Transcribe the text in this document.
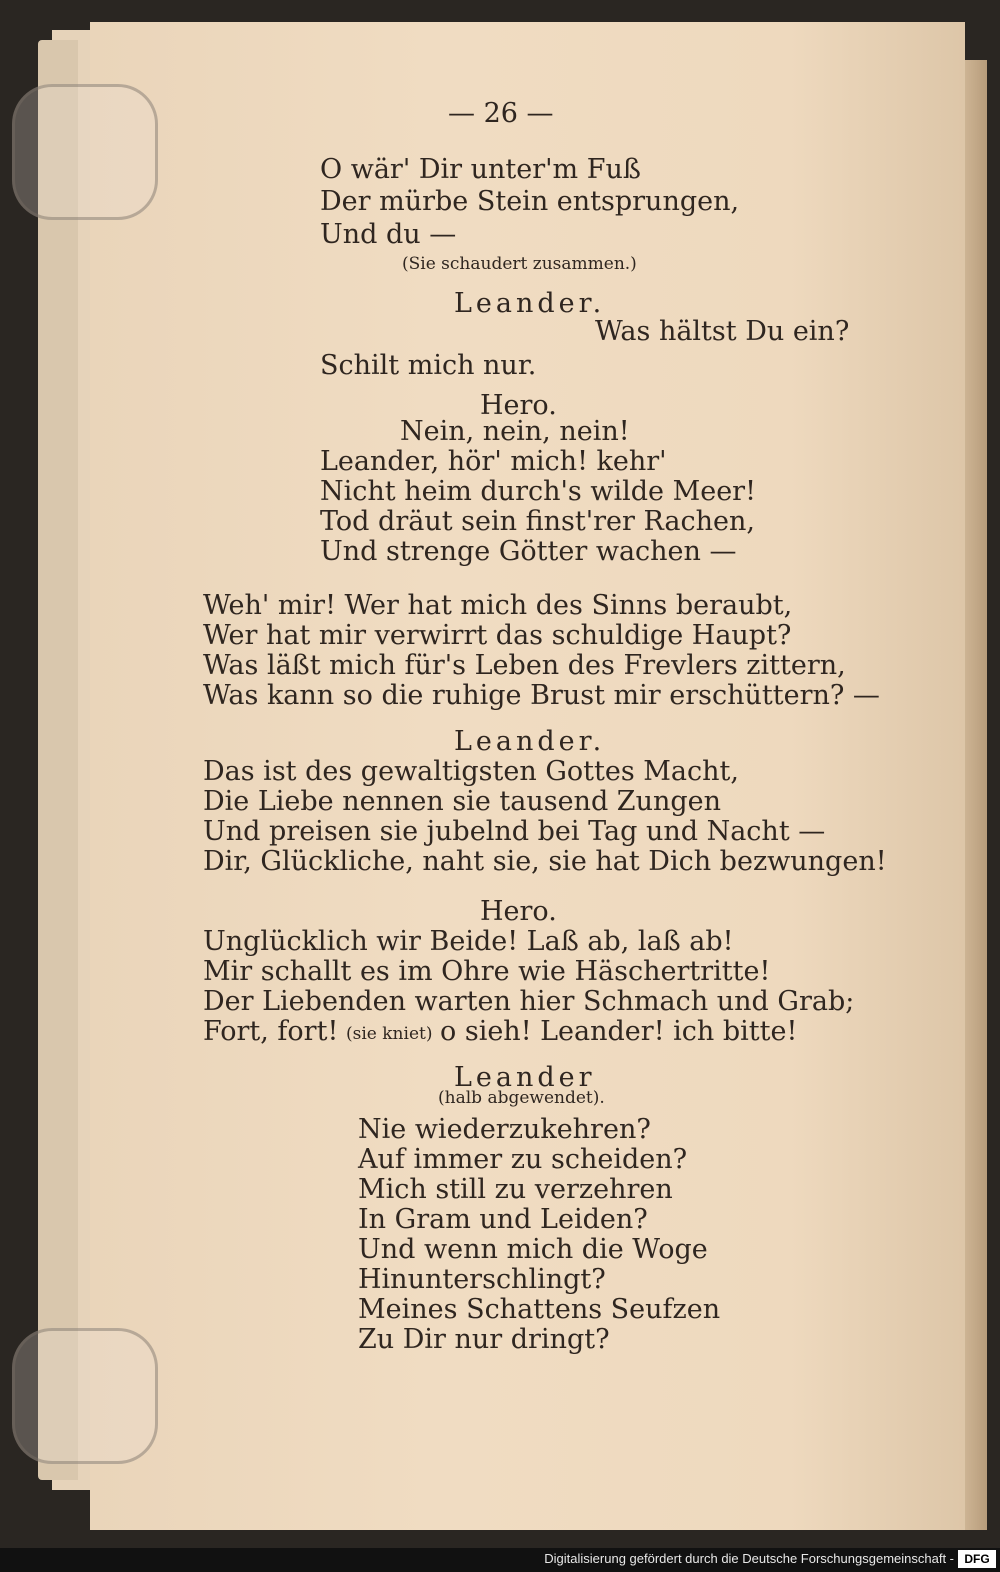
— 26 —
O wär' Dir unter'm Fuß
Der mürbe Stein entsprungen,
Und du —
(Sie schaudert zusammen.)
Leander.
Was hältst Du ein?
Schilt mich nur.
Hero.
Nein, nein, nein!
Leander, hör' mich! kehr'
Nicht heim durch's wilde Meer!
Tod dräut sein finst'rer Rachen,
Und strenge Götter wachen —
Weh' mir! Wer hat mich des Sinns beraubt,
Wer hat mir verwirrt das schuldige Haupt?
Was läßt mich für's Leben des Frevlers zittern,
Was kann so die ruhige Brust mir erschüttern? —
Leander.
Das ist des gewaltigsten Gottes Macht,
Die Liebe nennen sie tausend Zungen
Und preisen sie jubelnd bei Tag und Nacht —
Dir, Glückliche, naht sie, sie hat Dich bezwungen!
Hero.
Unglücklich wir Beide! Laß ab, laß ab!
Mir schallt es im Ohre wie Häschertritte!
Der Liebenden warten hier Schmach und Grab;
Fort, fort! (sie kniet) o sieh! Leander! ich bitte!
Leander
(halb abgewendet).
Nie wiederzukehren?
Auf immer zu scheiden?
Mich still zu verzehren
In Gram und Leiden?
Und wenn mich die Woge
Hinunterschlingt?
Meines Schattens Seufzen
Zu Dir nur dringt?
Digitalisierung gefördert durch die Deutsche Forschungsgemeinschaft - DFG
